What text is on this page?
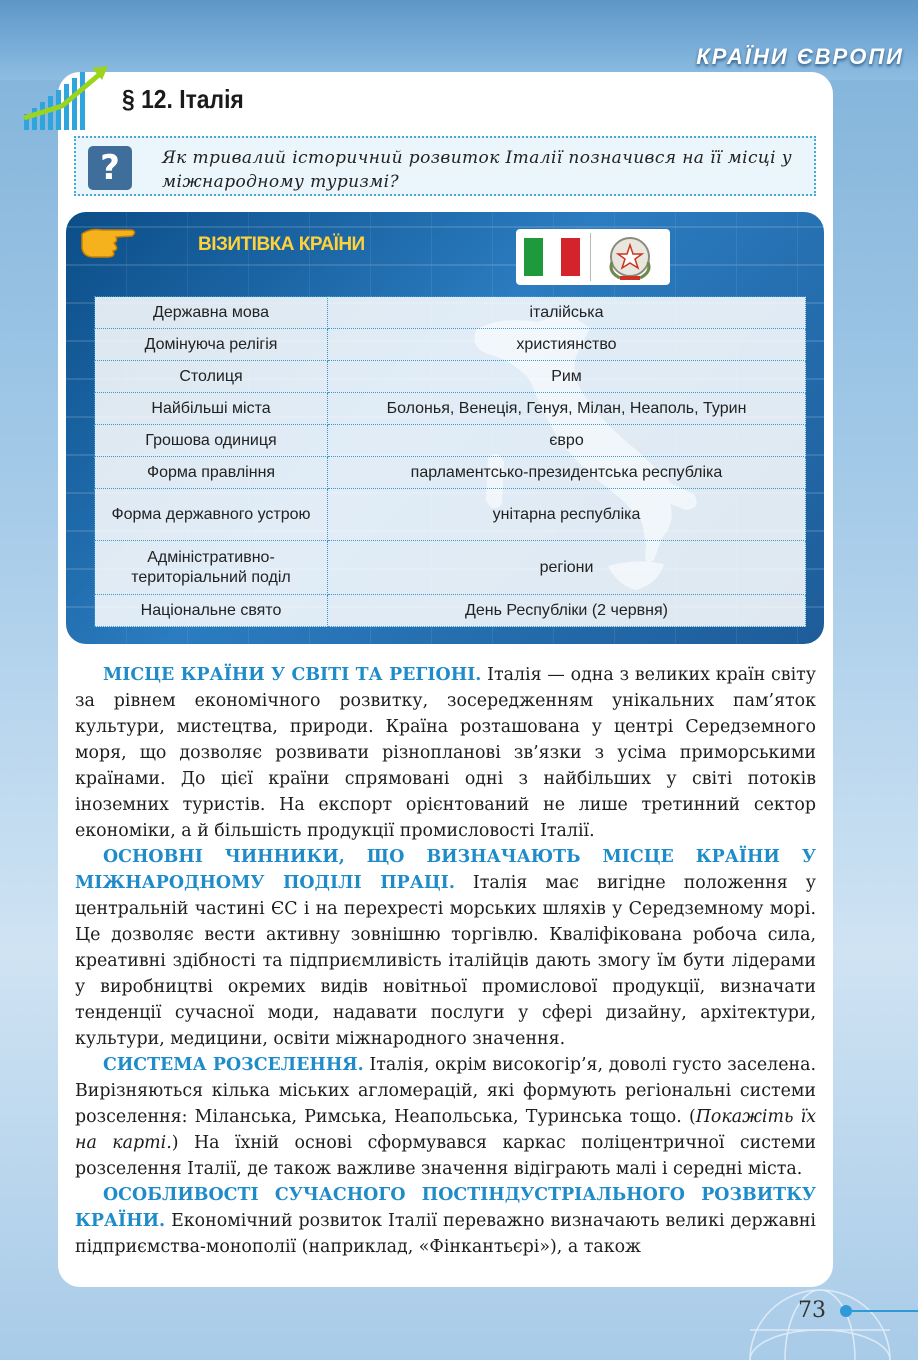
КРАЇНИ ЄВРОПИ
§ 12. Італія
?	Як тривалий історичний розвиток Італії позначився на її місці у міжнародному туризмі?
ВІЗИТІВКА КРАЇНИ
Державна мова	італійська
Домінуюча релігія	християнство
Столиця	Рим
Найбільші міста	Болонья, Венеція, Генуя, Мілан, Неаполь, Турин
Грошова одиниця	євро
Форма правління	парламентсько-президентська республіка
Форма державного устрою	унітарна республіка
Адміністративно-територіальний поділ	регіони
Національне свято	День Республіки (2 червня)

МІСЦЕ КРАЇНИ У СВІТІ ТА РЕГІОНІ. Італія — одна з великих країн світу за рівнем економічного розвитку, зосередженням унікальних пам’яток культури, мистецтва, природи. Країна розташована у центрі Середземного моря, що дозволяє розвивати різнопланові зв’язки з усіма приморськими країнами. До цієї країни спрямовані одні з найбільших у світі потоків іноземних туристів. На експорт орієнтований не лише третинний сектор економіки, а й більшість продукції промисловості Італії.

ОСНОВНІ ЧИННИКИ, ЩО ВИЗНАЧАЮТЬ МІСЦЕ КРАЇНИ У МІЖНАРОДНОМУ ПОДІЛІ ПРАЦІ. Італія має вигідне положення у центральній частині ЄС і на перехресті морських шляхів у Середземному морі. Це дозволяє вести активну зовнішню торгівлю. Кваліфікована робоча сила, креативні здібності та підприємливість італійців дають змогу їм бути лідерами у виробництві окремих видів новітньої промислової продукції, визначати тенденції сучасної моди, надавати послуги у сфері дизайну, архітектури, культури, медицини, освіти міжнародного значення.

СИСТЕМА РОЗСЕЛЕННЯ. Італія, окрім високогір’я, доволі густо заселена. Вирізняються кілька міських агломерацій, які формують регіональні системи розселення: Міланська, Римська, Неапольська, Туринська тощо. (Покажіть їх на карті.) На їхній основі сформувався каркас поліцентричної системи розселення Італії, де також важливе значення відіграють малі і середні міста.

ОСОБЛИВОСТІ СУЧАСНОГО ПОСТІНДУСТРІАЛЬНОГО РОЗВИТКУ КРАЇНИ. Економічний розвиток Італії переважно визначають великі державні підприємства-монополії (наприклад, «Фінкантьєрі»), а також

73
